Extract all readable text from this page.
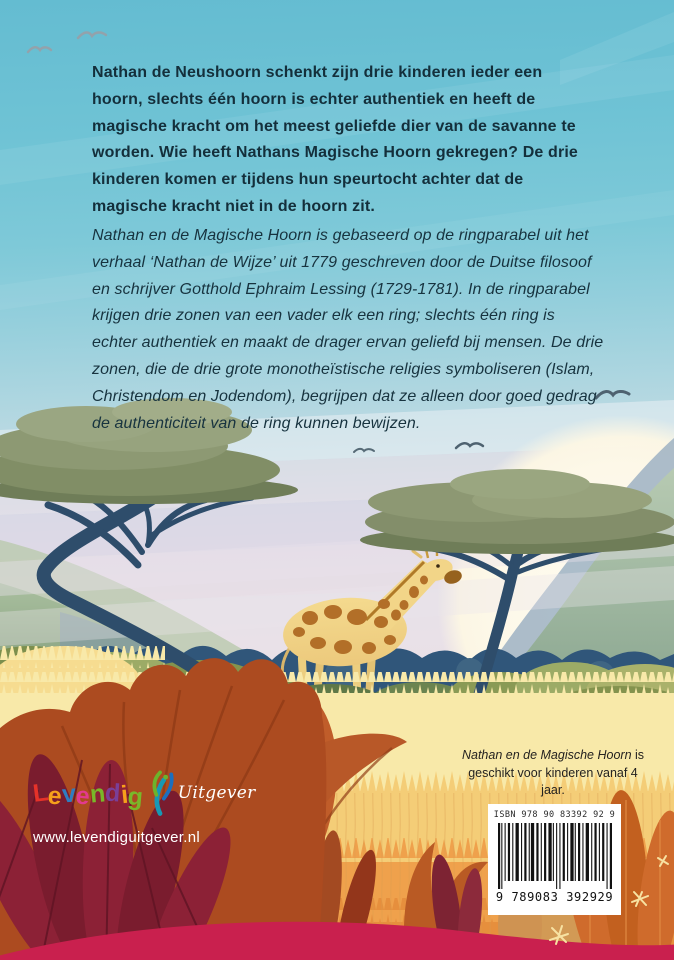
Nathan de Neushoorn schenkt zijn drie kinderen ieder een hoorn, slechts één hoorn is echter authentiek en heeft de magische kracht om het meest geliefde dier van de savanne te worden. Wie heeft Nathans Magische Hoorn gekregen? De drie kinderen komen er tijdens hun speurtocht achter dat de magische kracht niet in de hoorn zit.

Nathan en de Magische Hoorn is gebaseerd op de ringparabel uit het verhaal ‘Nathan de Wijze’ uit 1779 geschreven door de Duitse filosoof en schrijver Gotthold Ephraim Lessing (1729-1781). In de ringparabel krijgen drie zonen van een vader elk een ring; slechts één ring is echter authentiek en maakt de drager ervan geliefd bij mensen. De drie zonen, die de drie grote monotheïstische religies symboliseren (Islam, Christendom en Jodendom), begrijpen dat ze alleen door goed gedrag de authenticiteit van de ring kunnen bewijzen.

Nathan en de Magische Hoorn is geschikt voor kinderen vanaf 4 jaar.
ISBN 978 90 83392 92 9
9 789083 392929
L
e
v
e
n
d
i
g Uitgever
www.levendiguitgever.nl
